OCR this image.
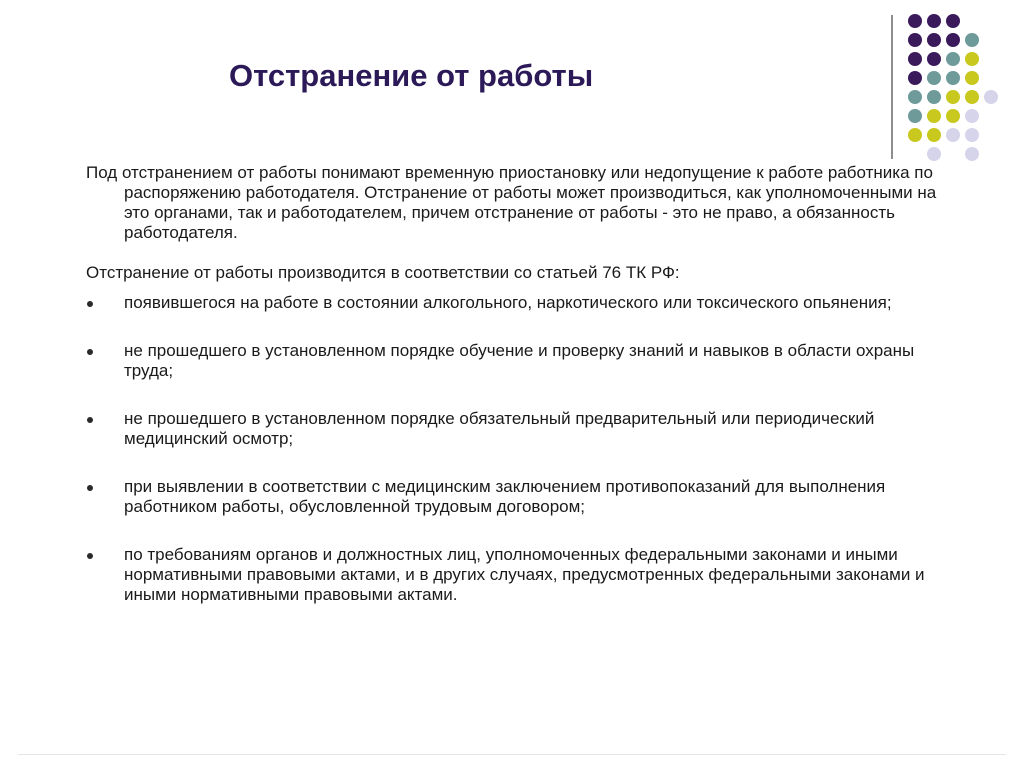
Отстранение от работы

Под отстранением от работы понимают временную приостановку или недопущение к работе работника по распоряжению работодателя. Отстранение от работы может производиться, как уполномоченными на это органами, так и работодателем, причем отстранение от работы - это не право, а обязанность работодателя.

Отстранение от работы производится в соответствии со статьей 76 ТК РФ:

появившегося на работе в состоянии алкогольного, наркотического или токсического опьянения;
не прошедшего в установленном порядке обучение и проверку знаний и навыков в области охраны труда;
не прошедшего в установленном порядке обязательный предварительный или периодический медицинский осмотр;
при выявлении в соответствии с медицинским заключением противопоказаний для выполнения работником работы, обусловленной трудовым договором;
по требованиям органов и должностных лиц, уполномоченных федеральными законами и иными нормативными правовыми актами, и в других случаях, предусмотренных федеральными законами и иными нормативными правовыми актами.
